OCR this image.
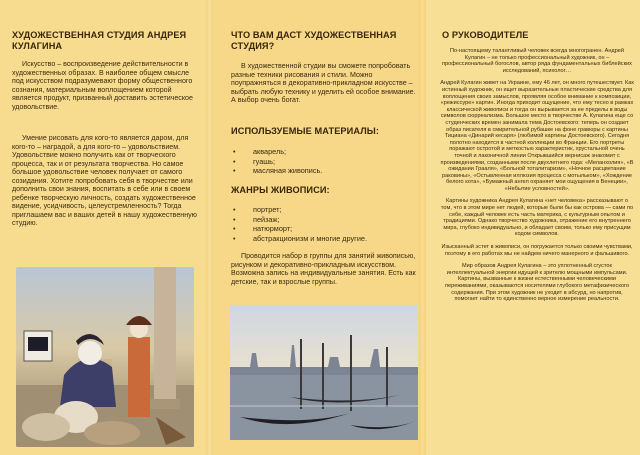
ХУДОЖЕСТВЕННАЯ СТУДИЯ АНДРЕЯ КУЛАГИНА

Искусство – воспроизведение действительности в художественных образах. В наиболее общем смысле под искусством подразумевают форму общественного сознания, материальным воплощением которой является продукт, призванный доставить эстетическое удовольствие.

Умение рисовать для кого-то является даром, для кого-то – наградой, а для кого-то – удовольствием. Удовольствие можно получить как от творческого процесса, так и от результата творчества. Но самое большое удовольствие человек получает от самого созидания. Хотите попробовать себя в творчестве или дополнить свои знания, воспитать в себе или в своем ребенке творческую личность, создать художественное видение, усидчивость, целеустремленность? Тогда приглашаем вас и ваших детей в нашу художественную студию.

ЧТО ВАМ ДАСТ ХУДОЖЕСТВЕННАЯ СТУДИЯ?

В художественной студии вы сможете попробовать разные техники рисования и стили. Можно поупражняться в декоративно-прикладном искусстве – выбрать любую технику и уделить ей особое внимание. А выбор очень богат.

ИСПОЛЬЗУЕМЫЕ МАТЕРИАЛЫ:
• акварель;
• гуашь;
• масляная живопись.
ЖАНРЫ ЖИВОПИСИ:
• портрет;
• пейзаж;
• натюрморт;
• абстракционизм и многие другие.

Проводится набор в группы для занятий живописью, рисунком и декоративно-прикладным искусством. Возможна запись на индивидуальные занятия. Есть как детские, так и взрослые группы.

О РУКОВОДИТЕЛЕ

По-настоящему талантливый человек всегда многогранен. Андрей Кулагин – не только профессиональный художник, он – профессиональный богослов, автор ряда фундаментальных библейских исследований, психолог…

Андрей Кулагин живет на Украине, ему 46 лет, он много путешествует. Как истинный художник, он ищет выразительные пластические средства для воплощения своих замыслов, проявляя особое внимание к композиции, «режиссуре» картин. Иногда приходит ощущение, что ему тесно в рамках классической живописи и тогда он вырывается за ее пределы в воды символов сюрреализма. Большое место в творчестве А. Кулагина еще со студенческих времен занимала тема Достоевского: теперь он создает образ писателя в смирительной рубашке на фоне гравюры с картины Тициана «Динарий кесаря» (любимой картины Достоевского). Сегодня полотно находится в частной коллекции во Франции. Его портреты поражают остротой и меткостью характеристик, хрустальной очень точной и лаконичной линии Открывшийся вернисаж знакомит с произведениями, созданными после двухлетнего года: «Меланхолия», «В ожидании Грааля», «Больной тоталитаризм», «Ночное расцветание раковины», «Остывленная иллюзия процесса с мотыльком», «Хождение белого кота», «Бумажный ангел охраняет мои ощущения в Венеции», «Небытие условностей».

Картины художника Андрея Кулагина «нет человека» рассказывают о том, что в этом мире нет людей, которые были бы как острова — сами по себе, каждый человек есть часть материка, с культурным опытом и традициями. Однако творчество художника, отражение его внутреннего мира, глубоко индивидуально, и обладает своим, только ему присущим кодом символов.

Изысканный эстет в живописи, он погружается только своими чувствами, поэтому в его работах мы не найдем ничего манерного и фальшивого.

Мир образов Андрея Кулагина – это уплотненный сгусток интеллектуальной энергии идущей к зрителю мощными импульсами. Картины, вызванные к жизни естественными человеческими переживаниями, оказываются носителями глубокого метафизического содержания. При этом художник не уходит в абсурд, но напротив, помогает найти то единственно верное измерение реальности.
